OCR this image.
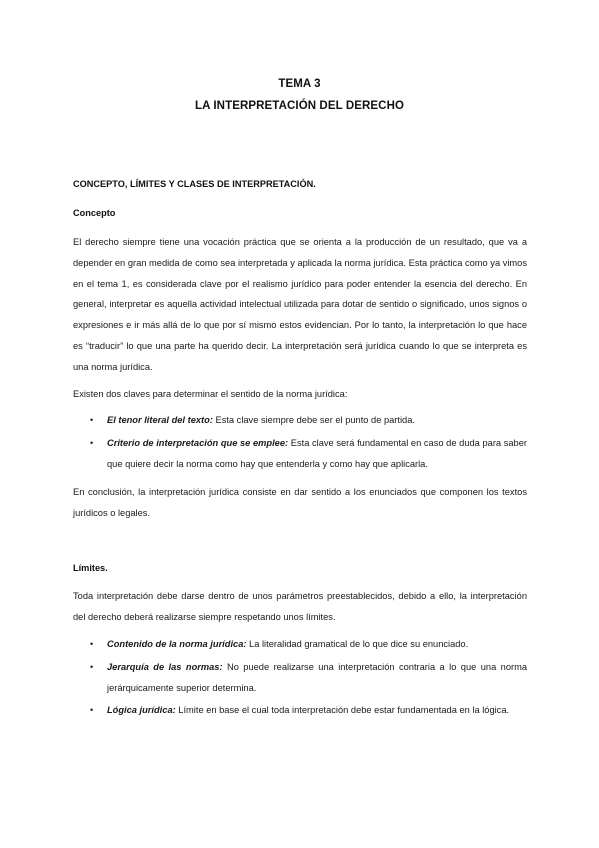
TEMA 3
LA INTERPRETACIÓN DEL DERECHO
CONCEPTO, LÍMITES Y CLASES DE INTERPRETACIÓN.
Concepto
El derecho siempre tiene una vocación práctica que se orienta a la producción de un resultado, que va a depender en gran medida de como sea interpretada y aplicada la norma jurídica. Esta práctica como ya vimos en el tema 1, es considerada clave por el realismo jurídico para poder entender la esencia del derecho. En general, interpretar es aquella actividad intelectual utilizada para dotar de sentido o significado, unos signos o expresiones e ir más allá de lo que por sí mismo estos evidencian. Por lo tanto, la interpretación lo que hace es “traducir” lo que una parte ha querido decir. La interpretación será jurídica cuando lo que se interpreta es una norma jurídica.
Existen dos claves para determinar el sentido de la norma jurídica:
• El tenor literal del texto: Esta clave siempre debe ser el punto de partida.
• Criterio de interpretación que se emplee: Esta clave será fundamental en caso de duda para saber que quiere decir la norma como hay que entenderla y como hay que aplicarla.
En conclusión, la interpretación jurídica consiste en dar sentido a los enunciados que componen los textos jurídicos o legales.
Límites.
Toda interpretación debe darse dentro de unos parámetros preestablecidos, debido a ello, la interpretación del derecho deberá realizarse siempre respetando unos límites.
• Contenido de la norma jurídica: La literalidad gramatical de lo que dice su enunciado.
• Jerarquía de las normas: No puede realizarse una interpretación contraria a lo que una norma jerárquicamente superior determina.
• Lógica jurídica: Límite en base el cual toda interpretación debe estar fundamentada en la lógica.
